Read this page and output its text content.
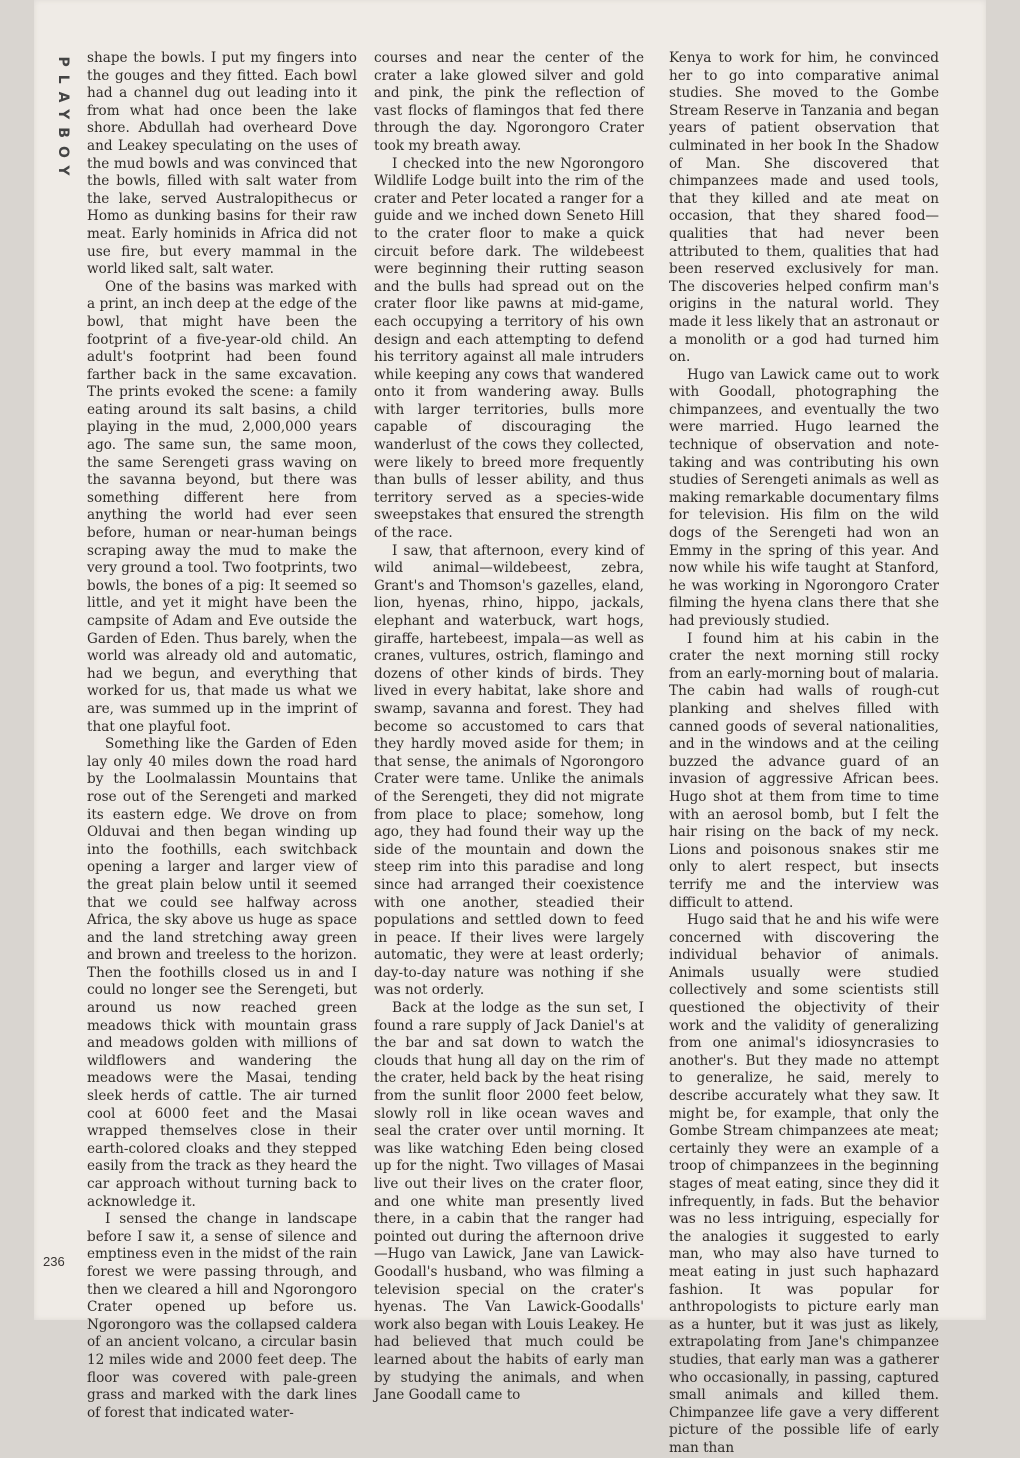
PLAYBOY shape the bowls. I put my fingers into the gouges and they fitted. Each bowl had a channel dug out leading into it from what had once been the lake shore. Abdullah had overheard Dove and Leakey speculating on the uses of the mud bowls and was convinced that the bowls, filled with salt water from the lake, served Australopithecus or Homo as dunking basins for their raw meat. Early hominids in Africa did not use fire, but every mammal in the world liked salt, salt water.

One of the basins was marked with a print, an inch deep at the edge of the bowl, that might have been the footprint of a five-year-old child. An adult's footprint had been found farther back in the same excavation. The prints evoked the scene: a family eating around its salt basins, a child playing in the mud, 2,000,000 years ago. The same sun, the same moon, the same Serengeti grass waving on the savanna beyond, but there was something different here from anything the world had ever seen before, human or near-human beings scraping away the mud to make the very ground a tool. Two footprints, two bowls, the bones of a pig: It seemed so little, and yet it might have been the campsite of Adam and Eve outside the Garden of Eden. Thus barely, when the world was already old and automatic, had we begun, and everything that worked for us, that made us what we are, was summed up in the imprint of that one playful foot.

Something like the Garden of Eden lay only 40 miles down the road hard by the Loolmalassin Mountains that rose out of the Serengeti and marked its eastern edge. We drove on from Olduvai and then began winding up into the foothills, each switchback opening a larger and larger view of the great plain below until it seemed that we could see halfway across Africa, the sky above us huge as space and the land stretching away green and brown and treeless to the horizon. Then the foothills closed us in and I could no longer see the Serengeti, but around us now reached green meadows thick with mountain grass and meadows golden with millions of wildflowers and wandering the meadows were the Masai, tending sleek herds of cattle. The air turned cool at 6000 feet and the Masai wrapped themselves close in their earth-colored cloaks and they stepped easily from the track as they heard the car approach without turning back to acknowledge it.

I sensed the change in landscape before I saw it, a sense of silence and emptiness even in the midst of the rain forest we were passing through, and then we cleared a hill and Ngorongoro Crater opened up before us. Ngorongoro was the collapsed caldera of an ancient volcano, a circular basin 12 miles wide and 2000 feet deep. The floor was covered with pale-green grass and marked with the dark lines of forest that indicated water-

courses and near the center of the crater a lake glowed silver and gold and pink, the pink the reflection of vast flocks of flamingos that fed there through the day. Ngorongoro Crater took my breath away.

I checked into the new Ngorongoro Wildlife Lodge built into the rim of the crater and Peter located a ranger for a guide and we inched down Seneto Hill to the crater floor to make a quick circuit before dark. The wildebeest were beginning their rutting season and the bulls had spread out on the crater floor like pawns at mid-game, each occupying a territory of his own design and each attempting to defend his territory against all male intruders while keeping any cows that wandered onto it from wandering away. Bulls with larger territories, bulls more capable of discouraging the wanderlust of the cows they collected, were likely to breed more frequently than bulls of lesser ability, and thus territory served as a species-wide sweepstakes that ensured the strength of the race.

I saw, that afternoon, every kind of wild animal—wildebeest, zebra, Grant's and Thomson's gazelles, eland, lion, hyenas, rhino, hippo, jackals, elephant and waterbuck, wart hogs, giraffe, hartebeest, impala—as well as cranes, vultures, ostrich, flamingo and dozens of other kinds of birds. They lived in every habitat, lake shore and swamp, savanna and forest. They had become so accustomed to cars that they hardly moved aside for them; in that sense, the animals of Ngorongoro Crater were tame. Unlike the animals of the Serengeti, they did not migrate from place to place; somehow, long ago, they had found their way up the side of the mountain and down the steep rim into this paradise and long since had arranged their coexistence with one another, steadied their populations and settled down to feed in peace. If their lives were largely automatic, they were at least orderly; day-to-day nature was nothing if she was not orderly.

Back at the lodge as the sun set, I found a rare supply of Jack Daniel's at the bar and sat down to watch the clouds that hung all day on the rim of the crater, held back by the heat rising from the sunlit floor 2000 feet below, slowly roll in like ocean waves and seal the crater over until morning. It was like watching Eden being closed up for the night. Two villages of Masai live out their lives on the crater floor, and one white man presently lived there, in a cabin that the ranger had pointed out during the afternoon drive—Hugo van Lawick, Jane van Lawick-Goodall's husband, who was filming a television special on the crater's hyenas. The Van Lawick-Goodalls' work also began with Louis Leakey. He had believed that much could be learned about the habits of early man by studying the animals, and when Jane Goodall came to

Kenya to work for him, he convinced her to go into comparative animal studies. She moved to the Gombe Stream Reserve in Tanzania and began years of patient observation that culminated in her book In the Shadow of Man. She discovered that chimpanzees made and used tools, that they killed and ate meat on occasion, that they shared food—qualities that had never been attributed to them, qualities that had been reserved exclusively for man. The discoveries helped confirm man's origins in the natural world. They made it less likely that an astronaut or a monolith or a god had turned him on.

Hugo van Lawick came out to work with Goodall, photographing the chimpanzees, and eventually the two were married. Hugo learned the technique of observation and note-taking and was contributing his own studies of Serengeti animals as well as making remarkable documentary films for television. His film on the wild dogs of the Serengeti had won an Emmy in the spring of this year. And now while his wife taught at Stanford, he was working in Ngorongoro Crater filming the hyena clans there that she had previously studied.

I found him at his cabin in the crater the next morning still rocky from an early-morning bout of malaria. The cabin had walls of rough-cut planking and shelves filled with canned goods of several nationalities, and in the windows and at the ceiling buzzed the advance guard of an invasion of aggressive African bees. Hugo shot at them from time to time with an aerosol bomb, but I felt the hair rising on the back of my neck. Lions and poisonous snakes stir me only to alert respect, but insects terrify me and the interview was difficult to attend.

Hugo said that he and his wife were concerned with discovering the individual behavior of animals. Animals usually were studied collectively and some scientists still questioned the objectivity of their work and the validity of generalizing from one animal's idiosyncrasies to another's. But they made no attempt to generalize, he said, merely to describe accurately what they saw. It might be, for example, that only the Gombe Stream chimpanzees ate meat; certainly they were an example of a troop of chimpanzees in the beginning stages of meat eating, since they did it infrequently, in fads. But the behavior was no less intriguing, especially for the analogies it suggested to early man, who may also have turned to meat eating in just such haphazard fashion. It was popular for anthropologists to picture early man as a hunter, but it was just as likely, extrapolating from Jane's chimpanzee studies, that early man was a gatherer who occasionally, in passing, captured small animals and killed them. Chimpanzee life gave a very different picture of the possible life of early man than

236
